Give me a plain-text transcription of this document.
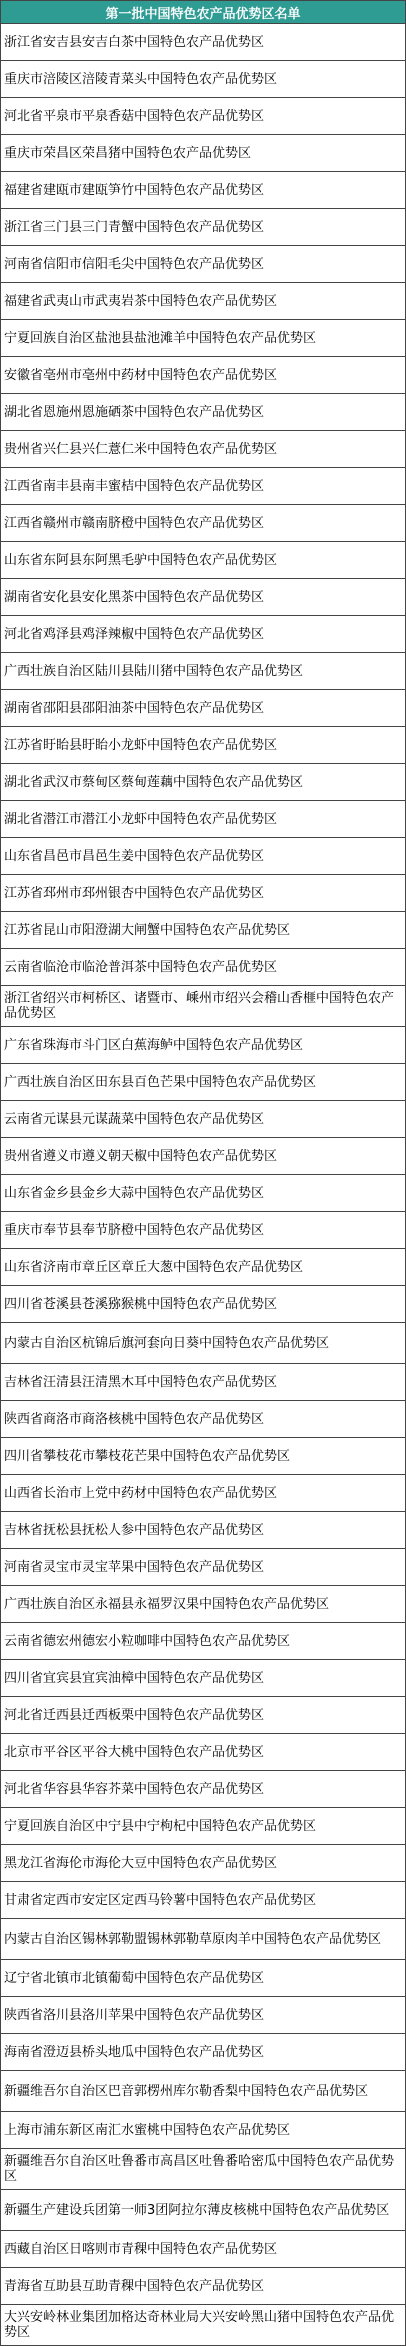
第一批中国特色农产品优势区名单
浙江省安吉县安吉白茶中国特色农产品优势区
重庆市涪陵区涪陵青菜头中国特色农产品优势区
河北省平泉市平泉香菇中国特色农产品优势区
重庆市荣昌区荣昌猪中国特色农产品优势区
福建省建瓯市建瓯笋竹中国特色农产品优势区
浙江省三门县三门青蟹中国特色农产品优势区
河南省信阳市信阳毛尖中国特色农产品优势区
福建省武夷山市武夷岩茶中国特色农产品优势区
宁夏回族自治区盐池县盐池滩羊中国特色农产品优势区
安徽省亳州市亳州中药材中国特色农产品优势区
湖北省恩施州恩施硒茶中国特色农产品优势区
贵州省兴仁县兴仁薏仁米中国特色农产品优势区
江西省南丰县南丰蜜桔中国特色农产品优势区
江西省赣州市赣南脐橙中国特色农产品优势区
山东省东阿县东阿黑毛驴中国特色农产品优势区
湖南省安化县安化黑茶中国特色农产品优势区
河北省鸡泽县鸡泽辣椒中国特色农产品优势区
广西壮族自治区陆川县陆川猪中国特色农产品优势区
湖南省邵阳县邵阳油茶中国特色农产品优势区
江苏省盱眙县盱眙小龙虾中国特色农产品优势区
湖北省武汉市蔡甸区蔡甸莲藕中国特色农产品优势区
湖北省潜江市潜江小龙虾中国特色农产品优势区
山东省昌邑市昌邑生姜中国特色农产品优势区
江苏省邳州市邳州银杏中国特色农产品优势区
江苏省昆山市阳澄湖大闸蟹中国特色农产品优势区
云南省临沧市临沧普洱茶中国特色农产品优势区
浙江省绍兴市柯桥区、诸暨市、嵊州市绍兴会稽山香榧中国特色农产品优势区
广东省珠海市斗门区白蕉海鲈中国特色农产品优势区
广西壮族自治区田东县百色芒果中国特色农产品优势区
云南省元谋县元谋蔬菜中国特色农产品优势区
贵州省遵义市遵义朝天椒中国特色农产品优势区
山东省金乡县金乡大蒜中国特色农产品优势区
重庆市奉节县奉节脐橙中国特色农产品优势区
山东省济南市章丘区章丘大葱中国特色农产品优势区
四川省苍溪县苍溪猕猴桃中国特色农产品优势区
内蒙古自治区杭锦后旗河套向日葵中国特色农产品优势区
吉林省汪清县汪清黑木耳中国特色农产品优势区
陕西省商洛市商洛核桃中国特色农产品优势区
四川省攀枝花市攀枝花芒果中国特色农产品优势区
山西省长治市上党中药材中国特色农产品优势区
吉林省抚松县抚松人参中国特色农产品优势区
河南省灵宝市灵宝苹果中国特色农产品优势区
广西壮族自治区永福县永福罗汉果中国特色农产品优势区
云南省德宏州德宏小粒咖啡中国特色农产品优势区
四川省宜宾县宜宾油樟中国特色农产品优势区
河北省迁西县迁西板栗中国特色农产品优势区
北京市平谷区平谷大桃中国特色农产品优势区
河北省华容县华容芥菜中国特色农产品优势区
宁夏回族自治区中宁县中宁枸杞中国特色农产品优势区
黑龙江省海伦市海伦大豆中国特色农产品优势区
甘肃省定西市安定区定西马铃薯中国特色农产品优势区
内蒙古自治区锡林郭勒盟锡林郭勒草原肉羊中国特色农产品优势区
辽宁省北镇市北镇葡萄中国特色农产品优势区
陕西省洛川县洛川苹果中国特色农产品优势区
海南省澄迈县桥头地瓜中国特色农产品优势区
新疆维吾尔自治区巴音郭楞州库尔勒香梨中国特色农产品优势区
上海市浦东新区南汇水蜜桃中国特色农产品优势区
新疆维吾尔自治区吐鲁番市高昌区吐鲁番哈密瓜中国特色农产品优势区
新疆生产建设兵团第一师3团阿拉尔薄皮核桃中国特色农产品优势区
西藏自治区日喀则市青稞中国特色农产品优势区
青海省互助县互助青稞中国特色农产品优势区
大兴安岭林业集团加格达奇林业局大兴安岭黑山猪中国特色农产品优势区
